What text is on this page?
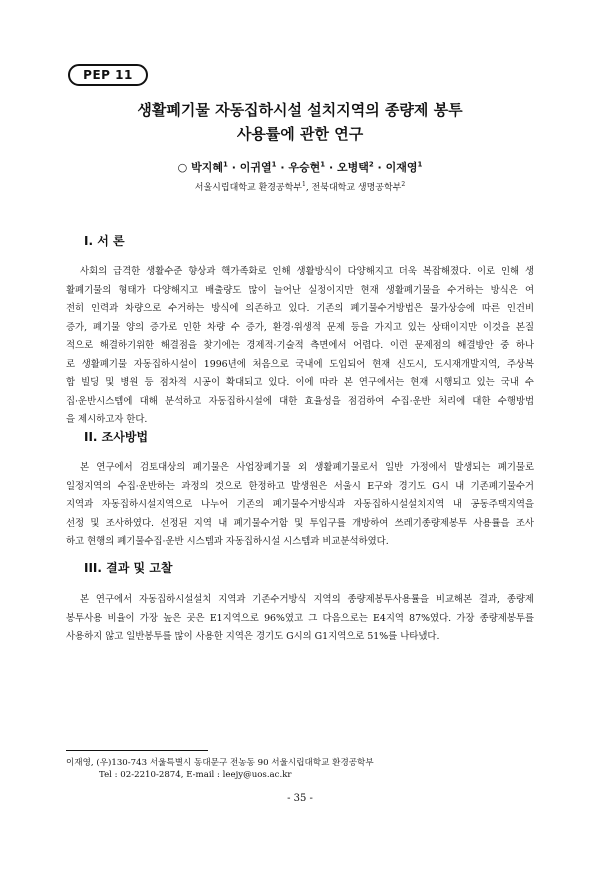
PEP 11
생활폐기물 자동집하시설 설치지역의 종량제 봉투
사용률에 관한 연구
○ 박지혜$^1$ · 이귀열$^1$ · 우승현$^1$ · 오병택$^2$ · 이재영$^1$
서울시립대학교 환경공학부$^1$, 전북대학교 생명공학부$^2$
I. 서 론
사회의 급격한 생활수준 향상과 핵가족화로 인해 생활방식이 다양해지고 더욱 복잡해졌다. 이로 인해 생
활폐기물의 형태가 다양해지고 배출량도 많이 늘어난 실정이지만 현재 생활폐기물을 수거하는 방식은 여
전히 인력과 차량으로 수거하는 방식에 의존하고 있다. 기존의 폐기물수거방법은 물가상승에 따른 인건비
증가, 폐기물 양의 증가로 인한 차량 수 증가, 환경·위생적 문제 등을 가지고 있는 상태이지만 이것을 본질
적으로 해결하기위한 해결점을 찾기에는 경제적·기술적 측면에서 어렵다. 이런 문제점의 해결방안 중 하나
로 생활폐기물 자동집하시설이 1996년에 처음으로 국내에 도입되어 현재 신도시, 도시재개발지역, 주상복
합 빌딩 및 병원 등 점차적 시공이 확대되고 있다. 이에 따라 본 연구에서는 현재 시행되고 있는 국내 수
집·운반시스템에 대해 분석하고 자동집하시설에 대한 효율성을 점검하여 수집·운반 처리에 대한 수행방법
을 제시하고자 한다.
II. 조사방법
본 연구에서 검토대상의 폐기물은 사업장폐기물 외 생활폐기물로서 일반 가정에서 발생되는 폐기물로
일정지역의 수집·운반하는 과정의 것으로 한정하고 발생원은 서울시 E구와 경기도 G시 내 기존폐기물수거
지역과 자동집하시설지역으로 나누어 기존의 폐기물수거방식과 자동집하시설설치지역 내 공동주택지역을
선정 및 조사하였다. 선정된 지역 내 폐기물수거함 및 투입구를 개방하여 쓰레기종량제봉투 사용률을 조사
하고 현행의 폐기물수집·운반 시스템과 자동집하시설 시스템과 비교분석하였다.
III. 결과 및 고찰
본 연구에서 자동집하시설설치 지역과 기존수거방식 지역의 종량제봉투사용률을 비교해본 결과, 종량제
봉투사용 비율이 가장 높은 곳은 E1지역으로 96%였고 그 다음으로는 E4지역 87%였다. 가장 종량제봉투를
사용하지 않고 일반봉투를 많이 사용한 지역은 경기도 G시의 G1지역으로 51%를 나타냈다.
이재영, (우)130-743 서울특별시 동대문구 전농동 90 서울시립대학교 환경공학부
Tel : 02-2210-2874, E-mail : leejy@uos.ac.kr
- 35 -
